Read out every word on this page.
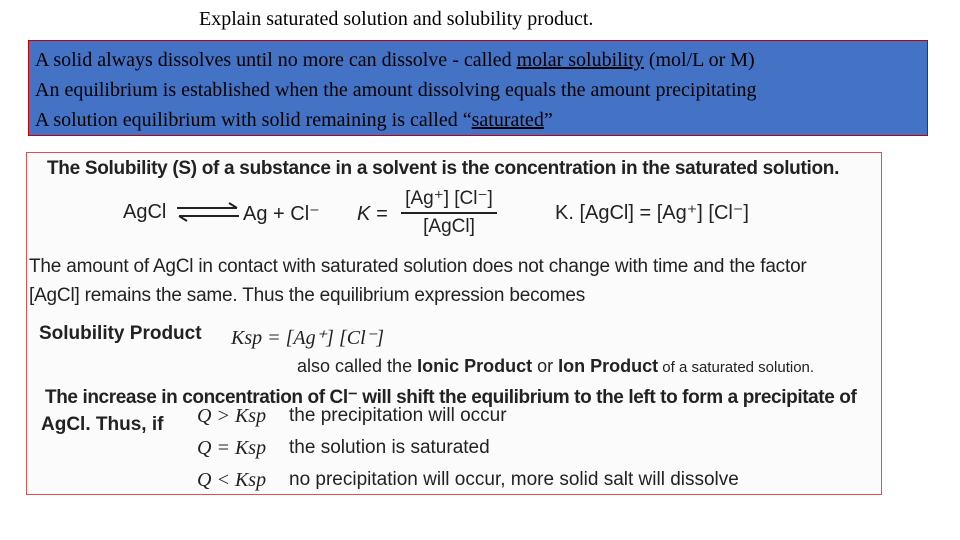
Explain saturated solution and solubility product.
A solid always dissolves until no more can dissolve - called molar solubility (mol/L or M)
An equilibrium is established when the amount dissolving equals the amount precipitating
A solution equilibrium with solid remaining is called “saturated”
The Solubility (S) of a substance in a solvent is the concentration in the saturated solution.
AgCl	Ag + Cl⁻ K =
[Ag⁺] [Cl⁻]
[AgCl]
K. [AgCl] = [Ag⁺] [Cl⁻]
The amount of AgCl in contact with saturated solution does not change with time and the factor
[AgCl] remains the same. Thus the equilibrium expression becomes
Solubility Product Ksp = [Ag⁺] [Cl⁻]
also called the Ionic Product or Ion Product of a saturated solution.
The increase in concentration of Cl⁻ will shift the equilibrium to the left to form a precipitate of
AgCl. Thus, if Q > Ksp the precipitation will occur
Q = Ksp the solution is saturated
Q < Ksp no precipitation will occur, more solid salt will dissolve
